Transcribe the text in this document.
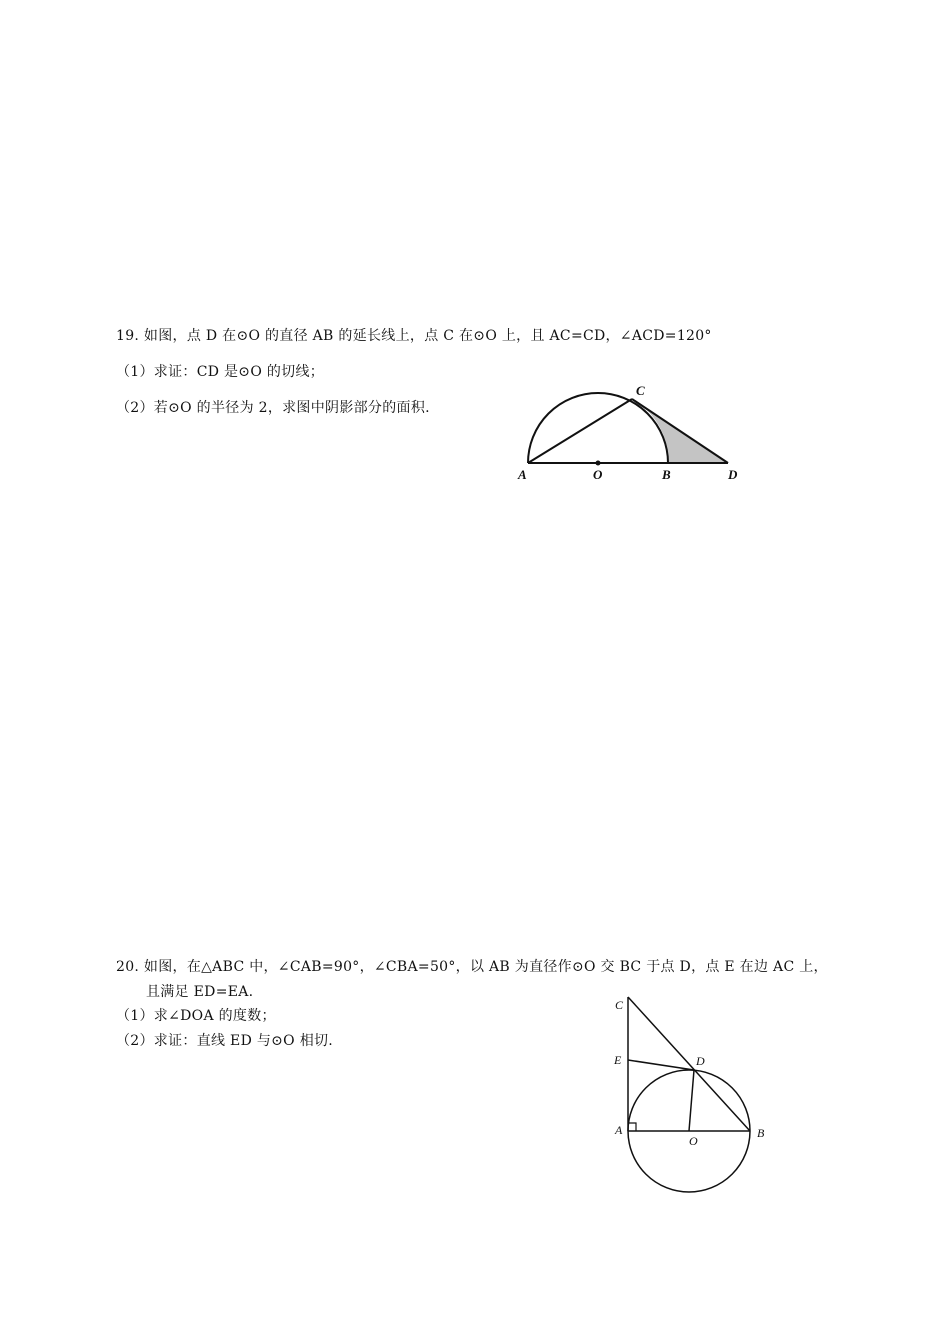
19. 如图，点 D 在⊙O 的直径 AB 的延长线上，点 C 在⊙O 上，且 AC=CD，∠ACD=120°
（1）求证：CD 是⊙O 的切线；
（2）若⊙O 的半径为 2，求图中阴影部分的面积.
A	O	B	D
C
20. 如图，在△ABC 中，∠CAB=90°，∠CBA=50°，以 AB 为直径作⊙O 交 BC 于点 D，点 E 在边 AC 上，
且满足 ED=EA.
（1）求∠DOA 的度数；
（2）求证：直线 ED 与⊙O 相切.
C
E	D
A
O
B
